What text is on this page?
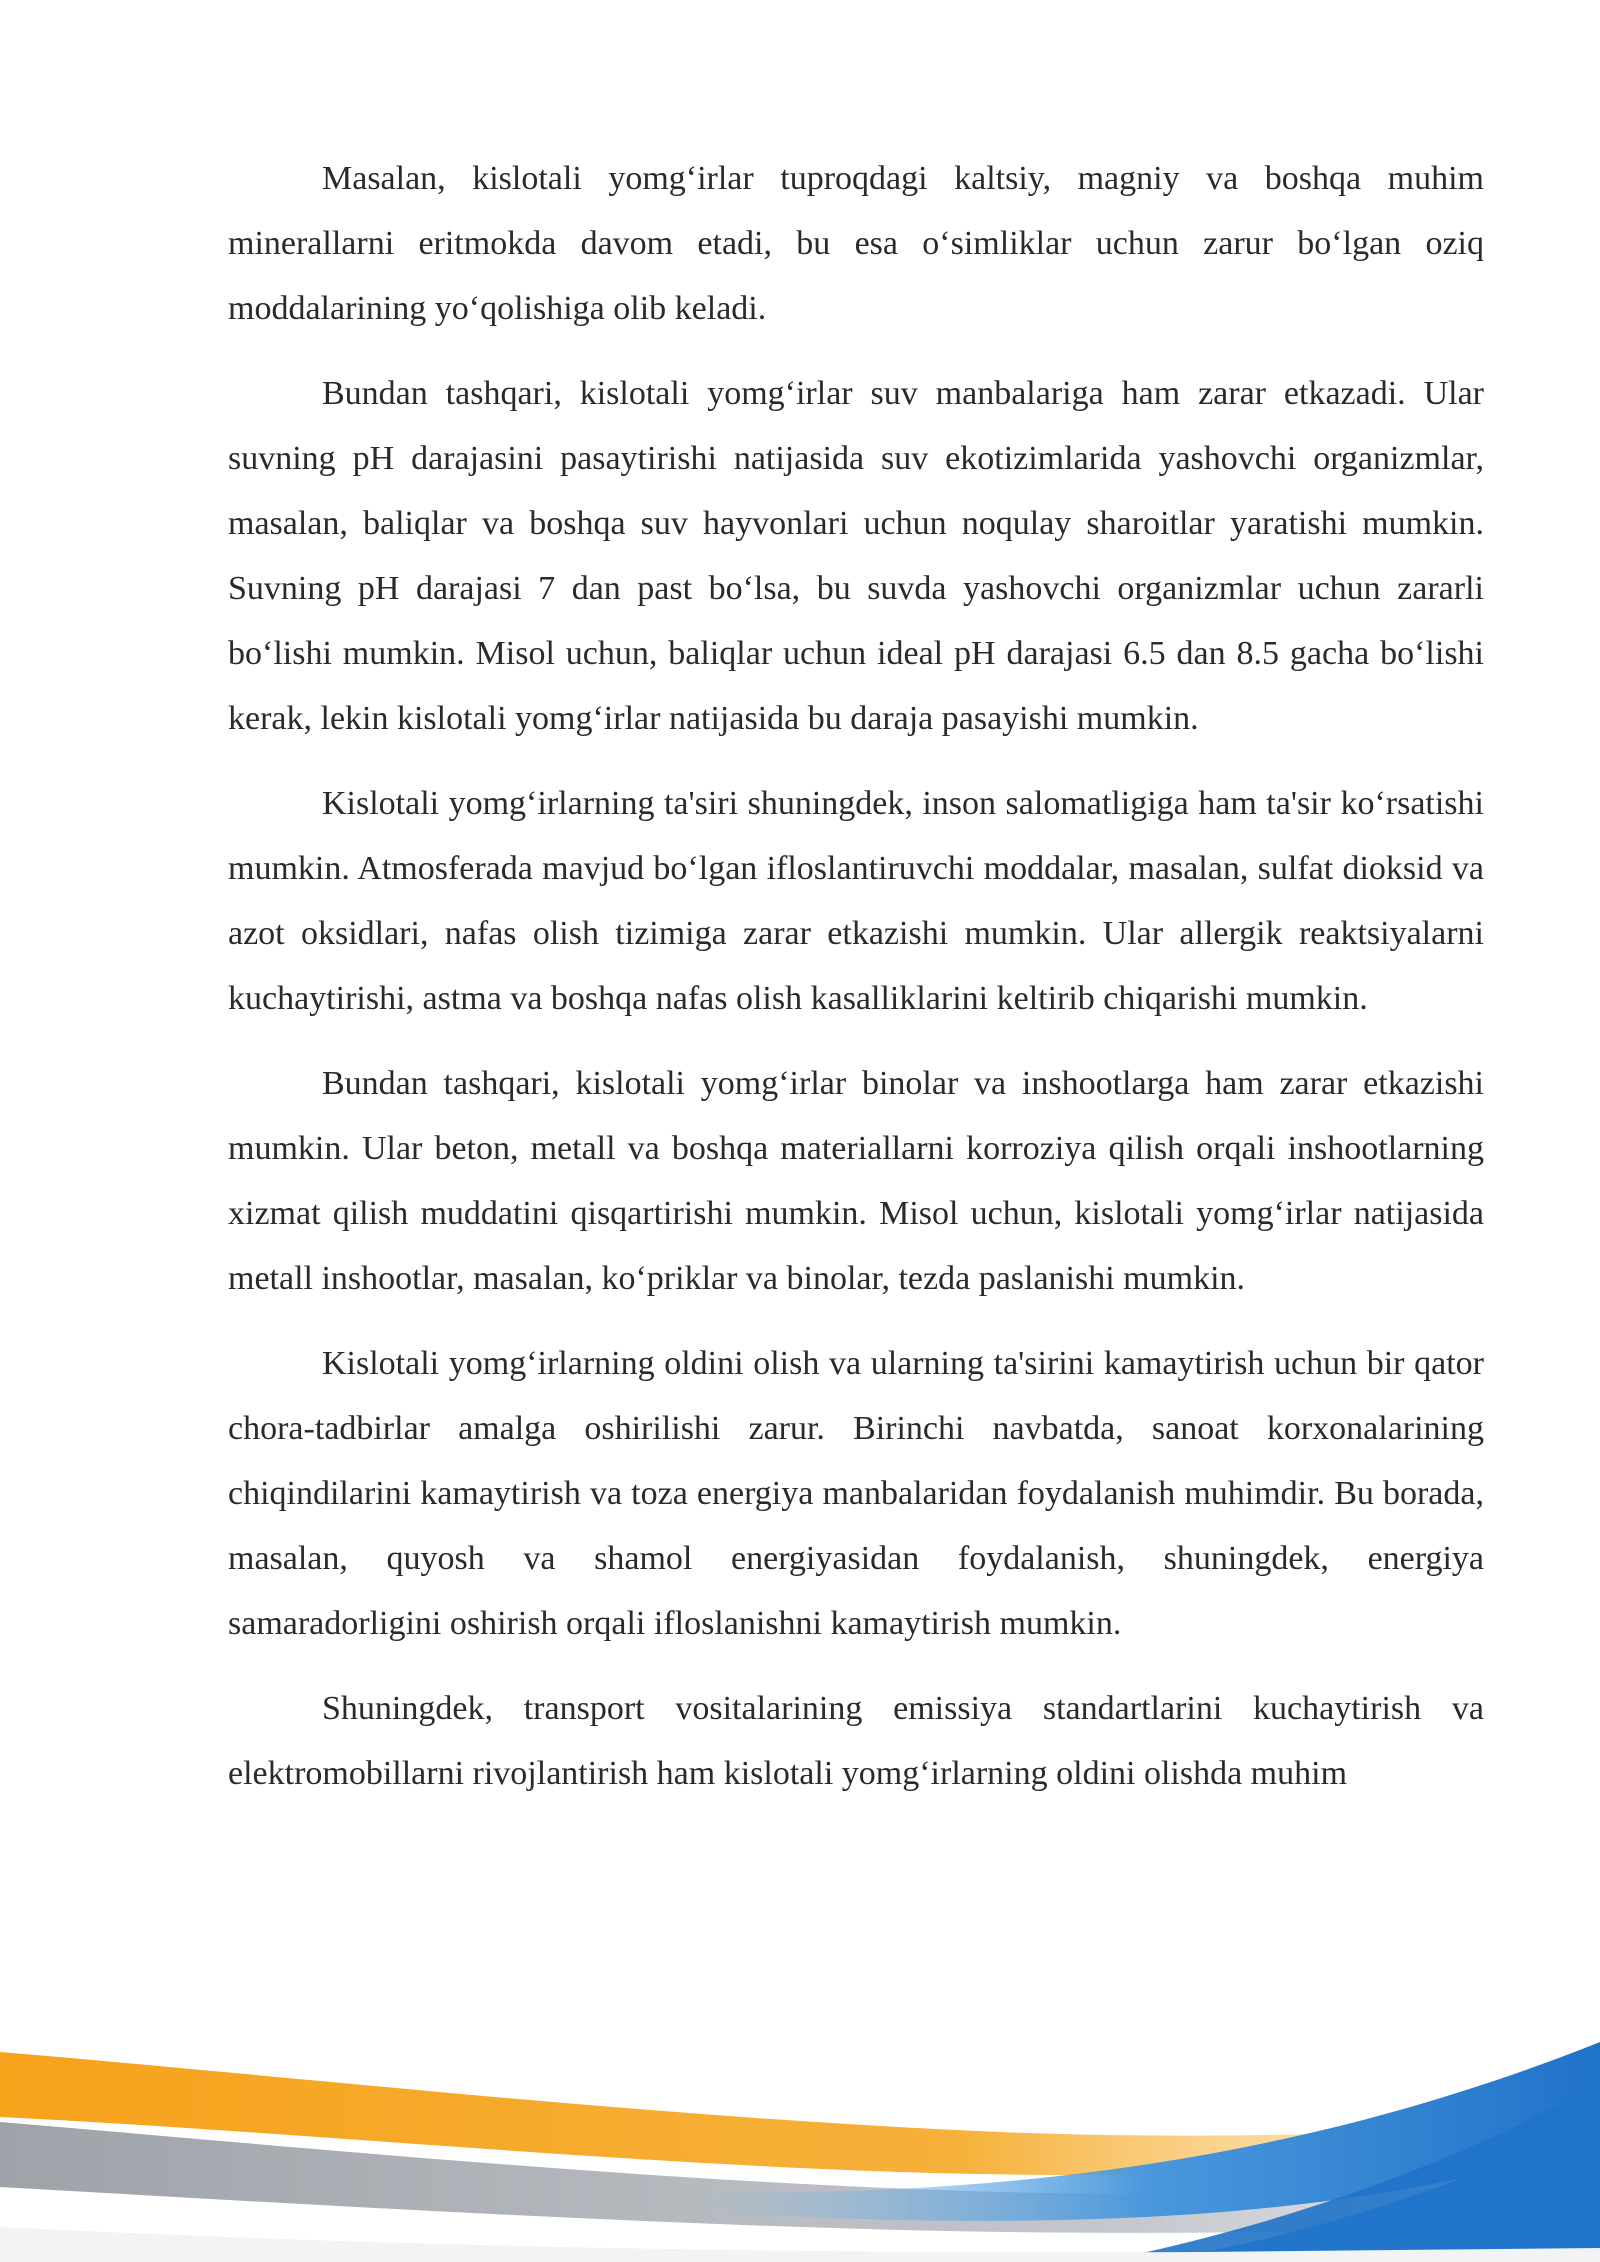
Masalan, kislotali yomg‘irlar tuproqdagi kaltsiy, magniy va boshqa muhim minerallarni eritmokda davom etadi, bu esa o‘simliklar uchun zarur bo‘lgan oziq moddalarining yo‘qolishiga olib keladi.

Bundan tashqari, kislotali yomg‘irlar suv manbalariga ham zarar etkazadi. Ular suvning pH darajasini pasaytirishi natijasida suv ekotizimlarida yashovchi organizmlar, masalan, baliqlar va boshqa suv hayvonlari uchun noqulay sharoitlar yaratishi mumkin. Suvning pH darajasi 7 dan past bo‘lsa, bu suvda yashovchi organizmlar uchun zararli bo‘lishi mumkin. Misol uchun, baliqlar uchun ideal pH darajasi 6.5 dan 8.5 gacha bo‘lishi kerak, lekin kislotali yomg‘irlar natijasida bu daraja pasayishi mumkin.

Kislotali yomg‘irlarning ta'siri shuningdek, inson salomatligiga ham ta'sir ko‘rsatishi mumkin. Atmosferada mavjud bo‘lgan ifloslantiruvchi moddalar, masalan, sulfat dioksid va azot oksidlari, nafas olish tizimiga zarar etkazishi mumkin. Ular allergik reaktsiyalarni kuchaytirishi, astma va boshqa nafas olish kasalliklarini keltirib chiqarishi mumkin.

Bundan tashqari, kislotali yomg‘irlar binolar va inshootlarga ham zarar etkazishi mumkin. Ular beton, metall va boshqa materiallarni korroziya qilish orqali inshootlarning xizmat qilish muddatini qisqartirishi mumkin. Misol uchun, kislotali yomg‘irlar natijasida metall inshootlar, masalan, ko‘priklar va binolar, tezda paslanishi mumkin.

Kislotali yomg‘irlarning oldini olish va ularning ta'sirini kamaytirish uchun bir qator chora-tadbirlar amalga oshirilishi zarur. Birinchi navbatda, sanoat korxonalarining chiqindilarini kamaytirish va toza energiya manbalaridan foydalanish muhimdir. Bu borada, masalan, quyosh va shamol energiyasidan foydalanish, shuningdek, energiya samaradorligini oshirish orqali ifloslanishni kamaytirish mumkin.

Shuningdek, transport vositalarining emissiya standartlarini kuchaytirish va elektromobillarni rivojlantirish ham kislotali yomg‘irlarning oldini olishda muhim
